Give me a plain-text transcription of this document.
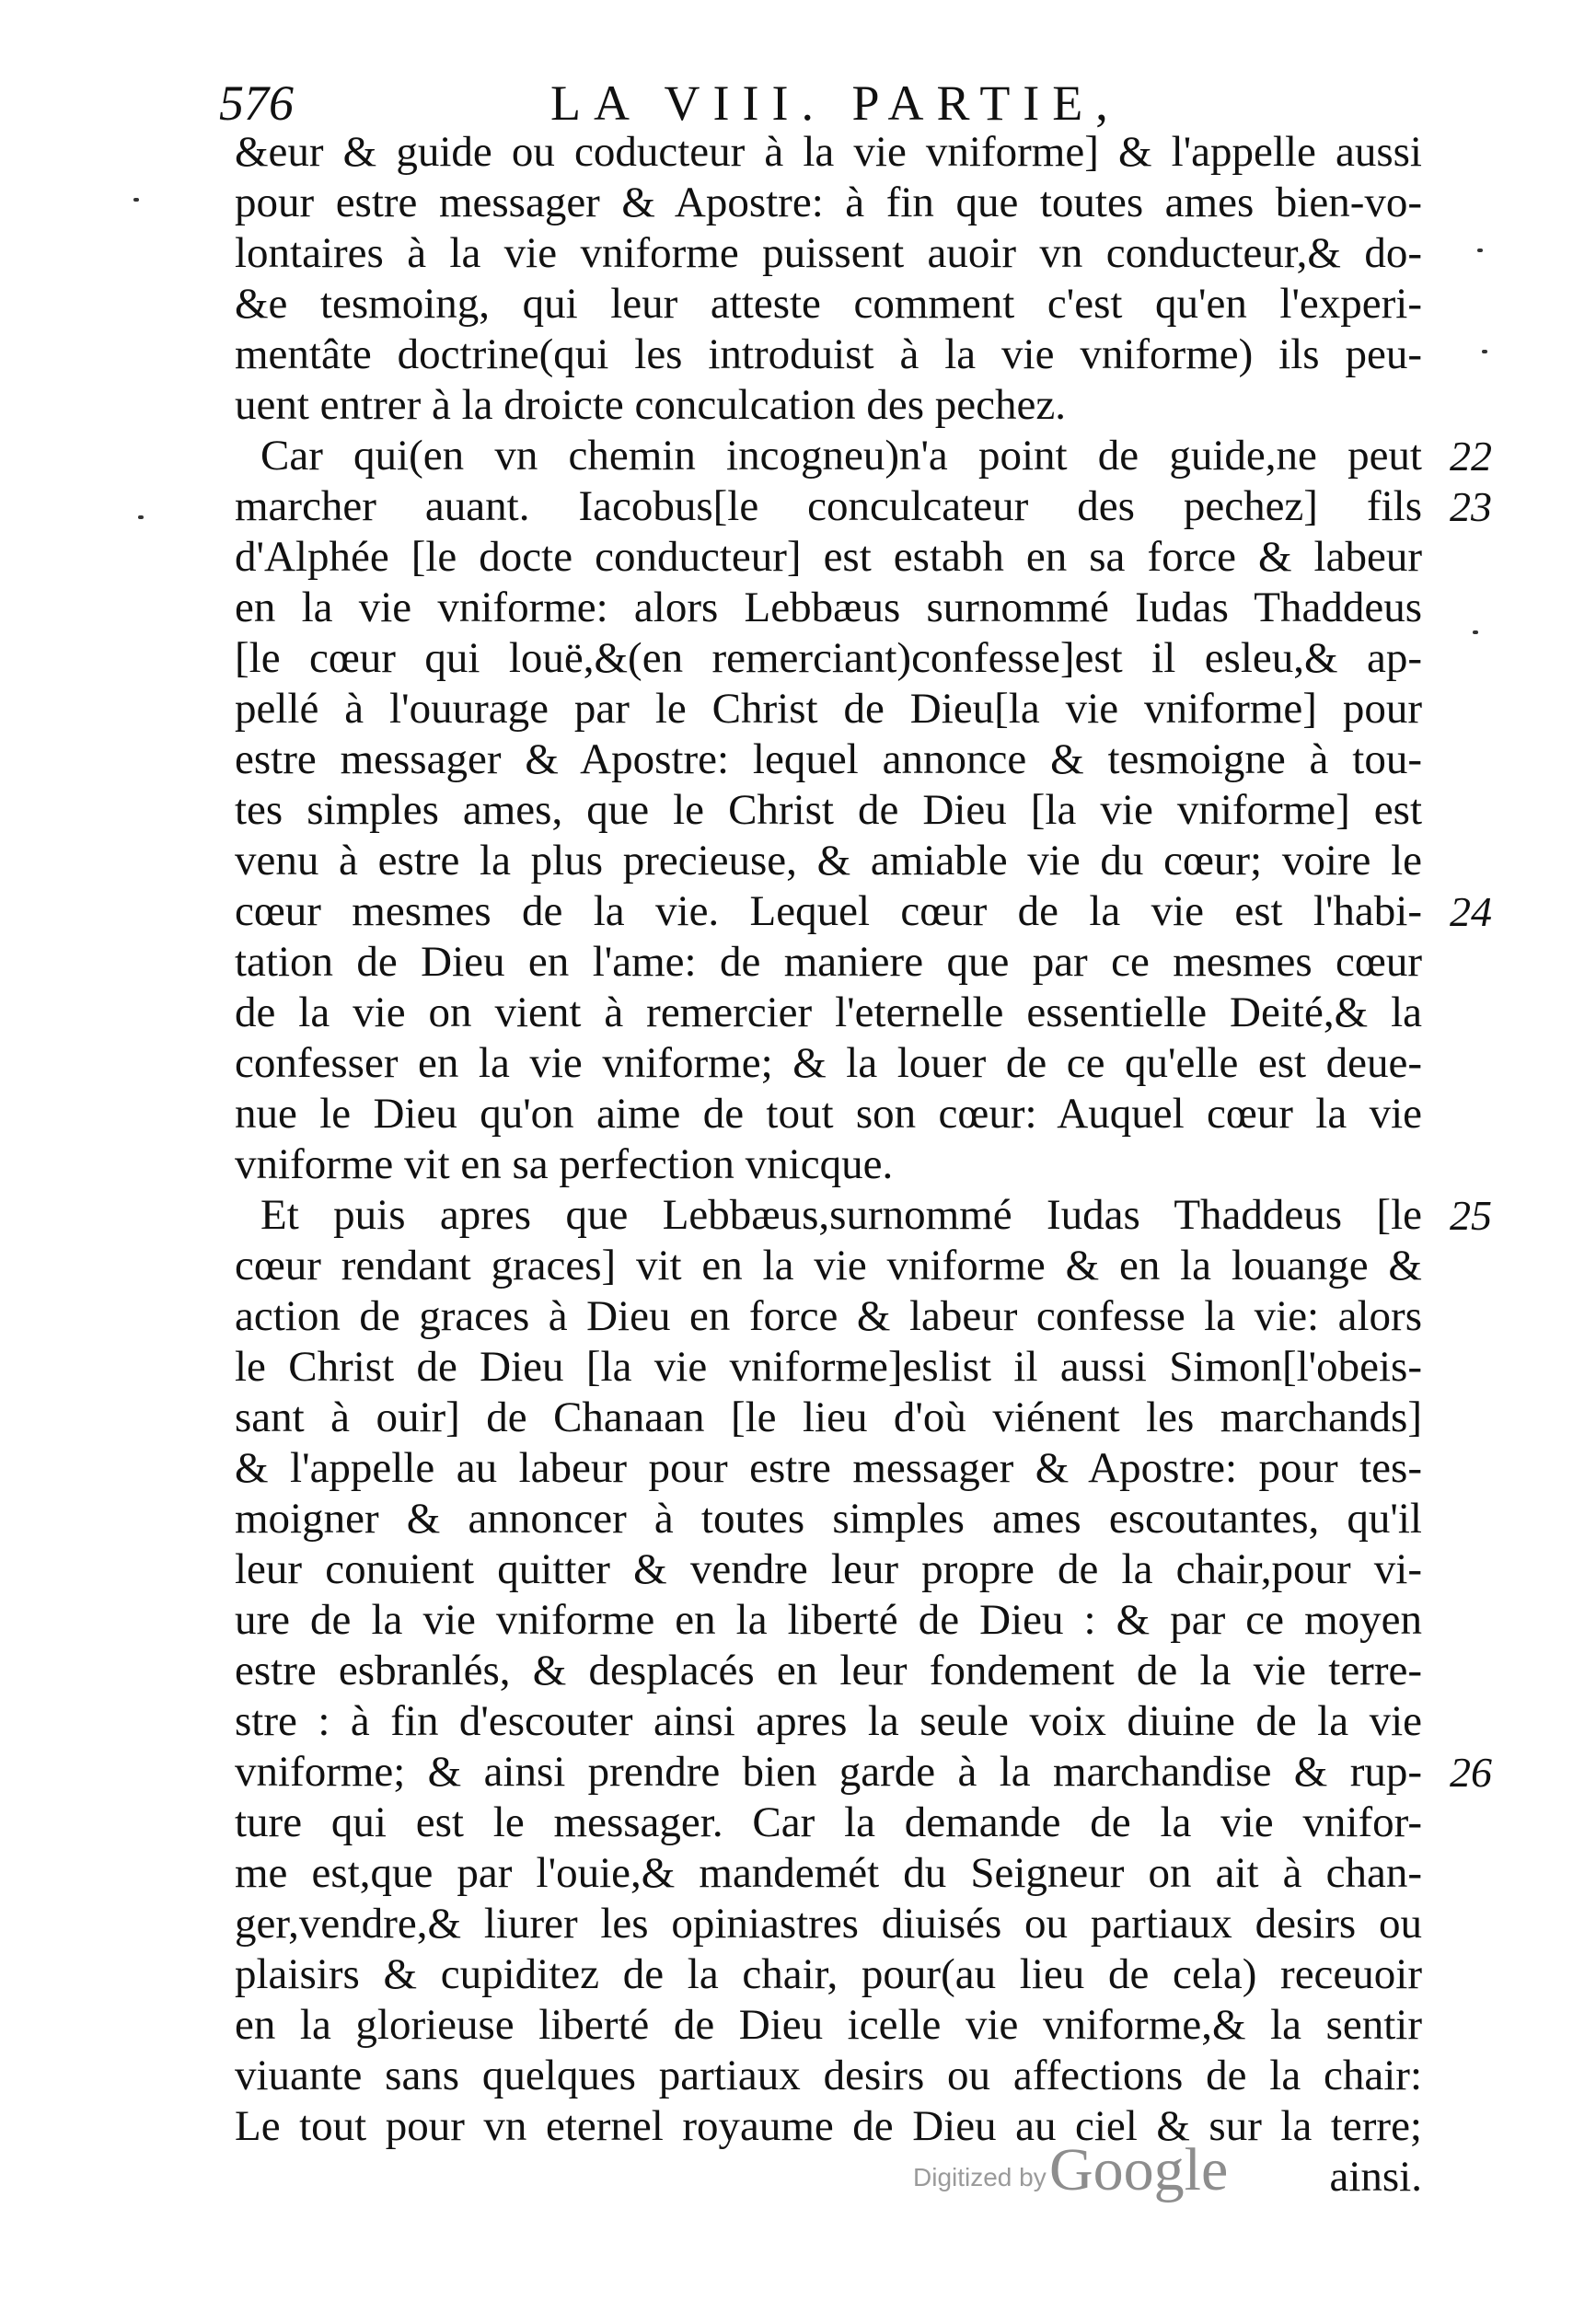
576	LA VIII. PARTIE,
&eur & guide ou coducteur à la vie vniforme] & l'appelle aussi
pour estre messager & Apostre: à fin que toutes ames bien-vo-
lontaires à la vie vniforme puissent auoir vn conducteur,& do-
&e tesmoing, qui leur atteste comment c'est qu'en l'experi-
mentâte doctrine(qui les introduist à la vie vniforme) ils peu-
uent entrer à la droicte conculcation des pechez.
Car qui(en vn chemin incogneu)n'a point de guide,ne peut
marcher auant. Iacobus[le conculcateur des pechez] fils
d'Alphée [le docte conducteur] est estabh en sa force & labeur
en la vie vniforme: alors Lebbæus surnommé Iudas Thaddeus
[le cœur qui louë,&(en remerciant)confesse]est il esleu,& ap-
pellé à l'ouurage par le Christ de Dieu[la vie vniforme] pour
estre messager & Apostre: lequel annonce & tesmoigne à tou-
tes simples ames, que le Christ de Dieu [la vie vniforme] est
venu à estre la plus precieuse, & amiable vie du cœur; voire le
cœur mesmes de la vie. Lequel cœur de la vie est l'habi-
tation de Dieu en l'ame: de maniere que par ce mesmes cœur
de la vie on vient à remercier l'eternelle essentielle Deité,& la
confesser en la vie vniforme; & la louer de ce qu'elle est deue-
nue le Dieu qu'on aime de tout son cœur: Auquel cœur la vie
vniforme vit en sa perfection vnicque.
Et puis apres que Lebbæus,surnommé Iudas Thaddeus [le
cœur rendant graces] vit en la vie vniforme & en la louange &
action de graces à Dieu en force & labeur confesse la vie: alors
le Christ de Dieu [la vie vniforme]eslist il aussi Simon[l'obeis-
sant à ouir] de Chanaan [le lieu d'où viénent les marchands]
& l'appelle au labeur pour estre messager & Apostre: pour tes-
moigner & annoncer à toutes simples ames escoutantes, qu'il
leur conuient quitter & vendre leur propre de la chair,pour vi-
ure de la vie vniforme en la liberté de Dieu : & par ce moyen
estre esbranlés, & desplacés en leur fondement de la vie terre-
stre : à fin d'escouter ainsi apres la seule voix diuine de la vie
vniforme; & ainsi prendre bien garde à la marchandise & rup-
ture qui est le messager. Car la demande de la vie vnifor-
me est,que par l'ouie,& mandemét du Seigneur on ait à chan-
ger,vendre,& liurer les opiniastres diuisés ou partiaux desirs ou
plaisirs & cupiditez de la chair, pour(au lieu de cela) receuoir
en la glorieuse liberté de Dieu icelle vie vniforme,& la sentir
viuante sans quelques partiaux desirs ou affections de la chair:
Le tout pour vn eternel royaume de Dieu au ciel & sur la terre;
ainsi.
22
23
24
25
26
Digitized by Google
